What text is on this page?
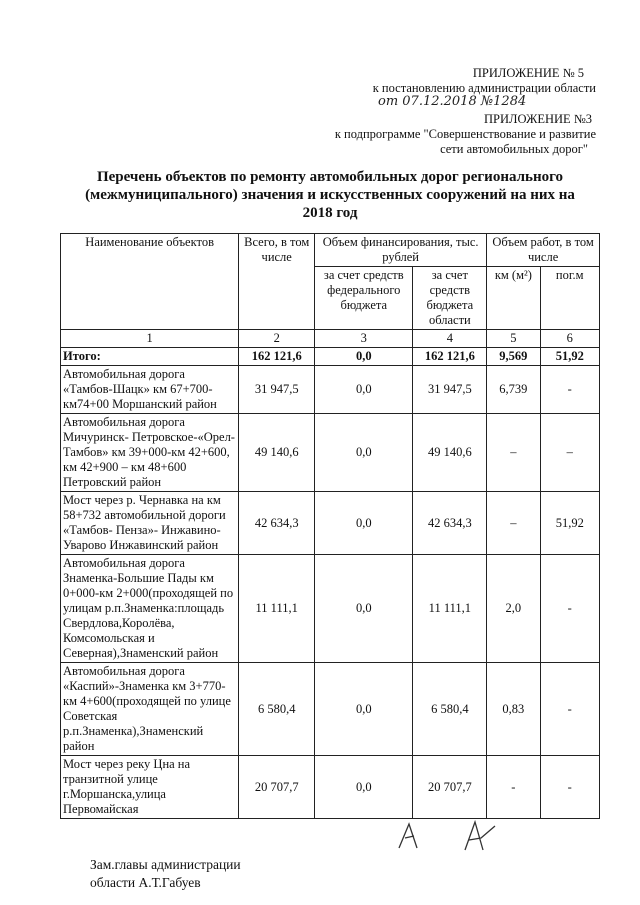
ПРИЛОЖЕНИЕ № 5
к постановлению администрации области
от 07.12.2018 №1284
ПРИЛОЖЕНИЕ №3
к подпрограмме "Совершенствование и развитие
сети автомобильных дорог"
Перечень объектов по ремонту автомобильных дорог регионального (межмуниципального) значения и искусственных сооружений на них на 2018 год
Наименование объектов	Всего, в том числе	Объем финансирования, тыс. рублей		Объем работ, в том числе	
		за счет средств федерального бюджета	за счет средств бюджета области	км (м²)	пог.м
1	2	3	4	5	6
Итого:	162 121,6	0,0	162 121,6	9,569	51,92
Автомобильная дорога «Тамбов-Шацк» км 67+700-км74+00 Моршанский район	31 947,5	0,0	31 947,5	6,739	-
Автомобильная дорога Мичуринск- Петровское-«Орел- Тамбов» км 39+000-км 42+600, км 42+900 – км 48+600 Петровский район	49 140,6	0,0	49 140,6	–	–
Мост через р. Чернавка на км 58+732 автомобильной дороги «Тамбов- Пенза»- Инжавино- Уварово Инжавинский район	42 634,3	0,0	42 634,3	–	51,92
Автомобильная дорога Знаменка-Большие Пады км 0+000-км 2+000(проходящей по улицам р.п.Знаменка:площадь Свердлова,Королёва, Комсомольская и Северная),Знаменский район	11 111,1	0,0	11 111,1	2,0	-
Автомобильная дорога «Каспий»-Знаменка км 3+770-км 4+600(проходящей по улице Советская р.п.Знаменка),Знаменский район	6 580,4	0,0	6 580,4	0,83	-
Мост через реку Цна на транзитной улице г.Моршанска,улица Первомайская	20 707,7	0,0	20 707,7	-	-
Зам.главы администрации
области А.Т.Габуев
